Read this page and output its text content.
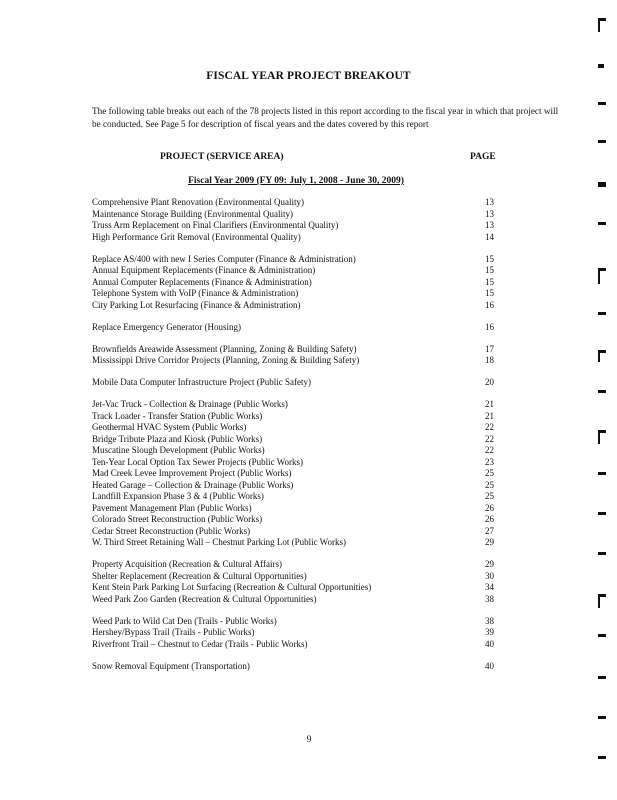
FISCAL YEAR PROJECT BREAKOUT
The following table breaks out each of the 78 projects listed in this report according to the fiscal year in which that project will be conducted. See Page 5 for description of fiscal years and the dates covered by this report
PROJECT (SERVICE AREA)	PAGE
Fiscal Year 2009 (FY 09: July 1, 2008 - June 30, 2009)
Comprehensive Plant Renovation (Environmental Quality)	13
Maintenance Storage Building (Environmental Quality)	13
Truss Arm Replacement on Final Clarifiers (Environmental Quality)	13
High Performance Grit Removal (Environmental Quality)	14
Replace AS/400 with new I Series Computer (Finance & Administration)	15
Annual Equipment Replacements (Finance & Administration)	15
Annual Computer Replacements (Finance & Administration)	15
Telephone System with VoIP (Finance & Administration)	15
City Parking Lot Resurfacing (Finance & Administration)	16
Replace Emergency Generator (Housing)	16
Brownfields Areawide Assessment (Planning, Zoning & Building Safety)	17
Mississippi Drive Corridor Projects (Planning, Zoning & Building Safety)	18
Mobile Data Computer Infrastructure Project (Public Safety)	20
Jet-Vac Truck - Collection & Drainage (Public Works)	21
Track Loader - Transfer Station (Public Works)	21
Geothermal HVAC System (Public Works)	22
Bridge Tribute Plaza and Kiosk (Public Works)	22
Muscatine Slough Development (Public Works)	22
Ten-Year Local Option Tax Sewer Projects (Public Works)	23
Mad Creek Levee Improvement Project (Public Works)	25
Heated Garage – Collection & Drainage (Public Works)	25
Landfill Expansion Phase 3 & 4 (Public Works)	25
Pavement Management Plan (Public Works)	26
Colorado Street Reconstruction (Public Works)	26
Cedar Street Reconstruction (Public Works)	27
W. Third Street Retaining Wall – Chestnut Parking Lot (Public Works)	29
Property Acquisition (Recreation & Cultural Affairs)	29
Shelter Replacement (Recreation & Cultural Opportunities)	30
Kent Stein Park Parking Lot Surfacing (Recreation & Cultural Opportunities)	34
Weed Park Zoo Garden (Recreation & Cultural Opportunities)	38
Weed Park to Wild Cat Den (Trails - Public Works)	38
Hershey/Bypass Trail (Trails - Public Works)	39
Riverfront Trail – Chestnut to Cedar (Trails - Public Works)	40
Snow Removal Equipment (Transportation)	40
9
